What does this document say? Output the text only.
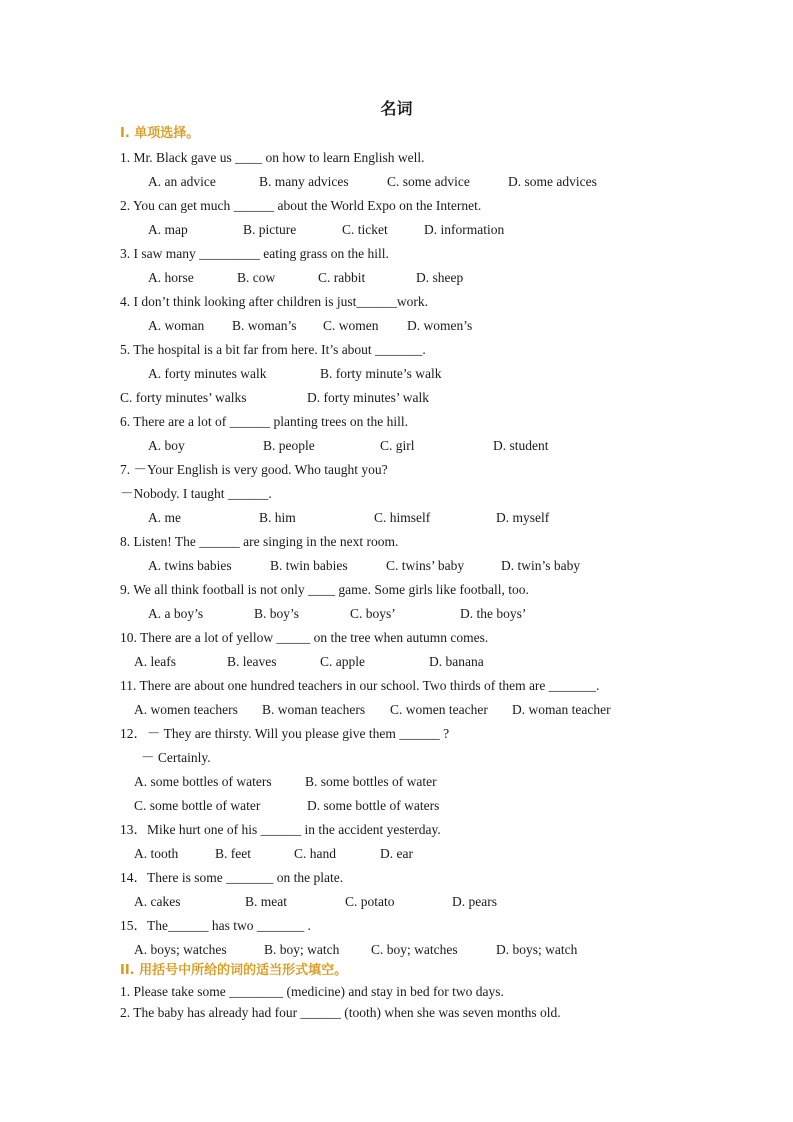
名词
I. 单项选择。
1. Mr. Black gave us ____ on how to learn English well.
A. an advice	B. many advices	C. some advice	D. some advices
2. You can get much ______ about the World Expo on the Internet.
A. map	B. picture	C. ticket	D. information
3. I saw many _________ eating grass on the hill.
A. horse	B. cow	C. rabbit	D. sheep
4. I don’t think looking after children is just______work.
A. woman B. woman’s C. women D. women’s
5. The hospital is a bit far from here. It’s about _______.
A. forty minutes walk	B. forty minute’s walk
C. forty minutes’ walks	D. forty minutes’ walk
6. There are a lot of ______ planting trees on the hill.
A. boy	B. people	C. girl	D. student
7. －Your English is very good. Who taught you?
－Nobody. I taught ______.
A. me	B. him	C. himself	D. myself
8. Listen! The ______ are singing in the next room.
A. twins babies	B. twin babies	C. twins’ baby	D. twin’s baby
9. We all think football is not only ____ game. Some girls like football, too.
A. a boy’s	B. boy’s	C. boys’	D. the boys’
10. There are a lot of yellow _____ on the tree when autumn comes.
A. leafs	B. leaves	C. apple	D. banana
11. There are about one hundred teachers in our school. Two thirds of them are _______.
A. women teachers B. woman teachers C. women teacher D. woman teacher
12．－ They are thirsty. Will you please give them ______ ?
－ Certainly.
A. some bottles of waters B. some bottles of water
C. some bottle of water	D. some bottle of waters
13．Mike hurt one of his ______ in the accident yesterday.
A. tooth	B. feet	C. hand	D. ear
14．There is some _______ on the plate.
A. cakes	B. meat	C. potato	D. pears
15．The______ has two _______ .
A. boys; watches	B. boy; watch C. boy; watches	D. boys; watch
II. 用括号中所给的词的适当形式填空。
1. Please take some ________ (medicine) and stay in bed for two days.
2. The baby has already had four ______ (tooth) when she was seven months old.
